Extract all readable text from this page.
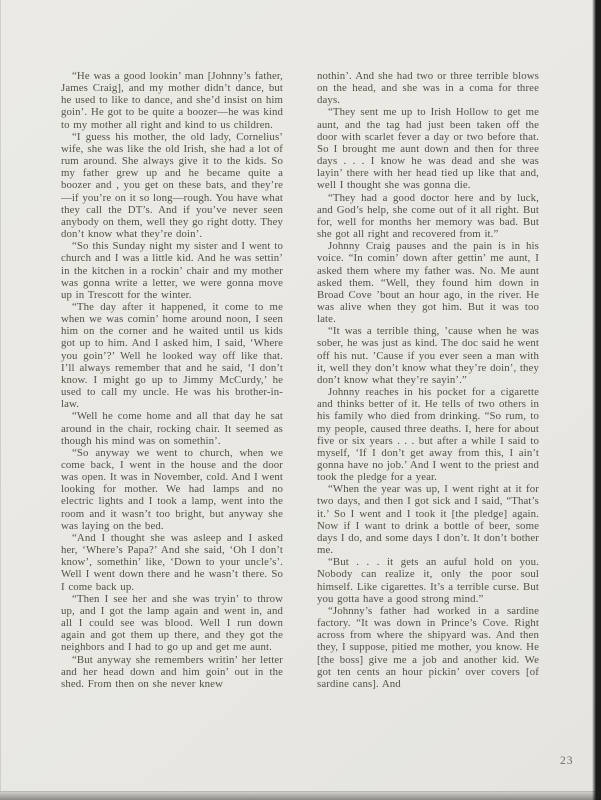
“He was a good lookin’ man [Johnny’s father, James Craig], and my mother didn’t dance, but he used to like to dance, and she’d insist on him goin’. He got to be quite a boozer—he was kind to my mother all right and kind to us children.

“I guess his mother, the old lady, Cornelius’ wife, she was like the old Irish, she had a lot of rum around. She always give it to the kids. So my father grew up and he became quite a boozer and , you get on these bats, and they’re—if you’re on it so long—rough. You have what they call the DT’s. And if you’ve never seen anybody on them, well they go right dotty. They don’t know what they’re doin’.

“So this Sunday night my sister and I went to church and I was a little kid. And he was settin’ in the kitchen in a rockin’ chair and my mother was gonna write a letter, we were gonna move up in Trescott for the winter.

“The day after it happened, it come to me when we was comin’ home around noon, I seen him on the corner and he waited until us kids got up to him. And I asked him, I said, ‘Where you goin’?’ Well he looked way off like that. I’ll always remember that and he said, ‘I don’t know. I might go up to Jimmy McCurdy,’ he used to call my uncle. He was his brother-in-law.

“Well he come home and all that day he sat around in the chair, rocking chair. It seemed as though his mind was on somethin’.

“So anyway we went to church, when we come back, I went in the house and the door was open. It was in November, cold. And I went looking for mother. We had lamps and no electric lights and I took a lamp, went into the room and it wasn’t too bright, but anyway she was laying on the bed.

“And I thought she was asleep and I asked her, ‘Where’s Papa?’ And she said, ‘Oh I don’t know’, somethin’ like, ‘Down to your uncle’s’. Well I went down there and he wasn’t there. So I come back up.

“Then I see her and she was tryin’ to throw up, and I got the lamp again and went in, and all I could see was blood. Well I run down again and got them up there, and they got the neighbors and I had to go up and get me aunt.

“But anyway she remembers writin’ her letter and her head down and him goin’ out in the shed. From then on she never knew

nothin’. And she had two or three terrible blows on the head, and she was in a coma for three days.

“They sent me up to Irish Hollow to get me aunt, and the tag had just been taken off the door with scarlet fever a day or two before that. So I brought me aunt down and then for three days . . . I know he was dead and she was layin’ there with her head tied up like that and, well I thought she was gonna die.

“They had a good doctor here and by luck, and God’s help, she come out of it all right. But for, well for months her memory was bad. But she got all right and recovered from it.”

Johnny Craig pauses and the pain is in his voice. “In comin’ down after gettin’ me aunt, I asked them where my father was. No. Me aunt asked them. “Well, they found him down in Broad Cove ’bout an hour ago, in the river. He was alive when they got him. But it was too late.

“It was a terrible thing, ’cause when he was sober, he was just as kind. The doc said he went off his nut. ’Cause if you ever seen a man with it, well they don’t know what they’re doin’, they don’t know what they’re sayin’.”

Johnny reaches in his pocket for a cigarette and thinks better of it. He tells of two others in his family who died from drinking. “So rum, to my people, caused three deaths. I, here for about five or six years . . . but after a while I said to myself, ‘If I don’t get away from this, I ain’t gonna have no job.’ And I went to the priest and took the pledge for a year.

“When the year was up, I went right at it for two days, and then I got sick and I said, “That’s it.’ So I went and I took it [the pledge] again. Now if I want to drink a bottle of beer, some days I do, and some days I don’t. It don’t bother me.

“But . . . it gets an auful hold on you. Nobody can realize it, only the poor soul himself. Like cigarettes. It’s a terrible curse. But you gotta have a good strong mind.”

“Johnny’s father had worked in a sardine factory. “It was down in Prince’s Cove. Right across from where the shipyard was. And then they, I suppose, pitied me mother, you know. He [the boss] give me a job and another kid. We got ten cents an hour pickin’ over covers [of sardine cans]. And

23
